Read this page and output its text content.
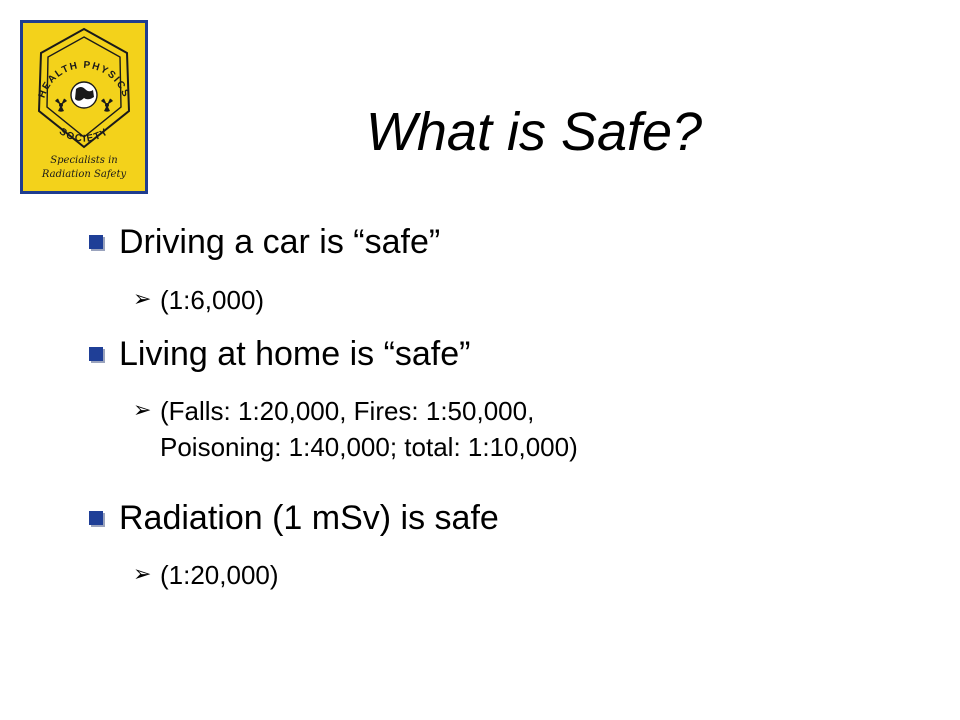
HEALTH PHYSICS
SOCIETY
Specialists in
Radiation Safety
What is Safe?
Driving a car is “safe”
➢ (1:6,000)
Living at home is “safe”
➢ (Falls: 1:20,000, Fires: 1:50,000,
Poisoning: 1:40,000; total: 1:10,000)
Radiation (1 mSv) is safe
➢ (1:20,000)
